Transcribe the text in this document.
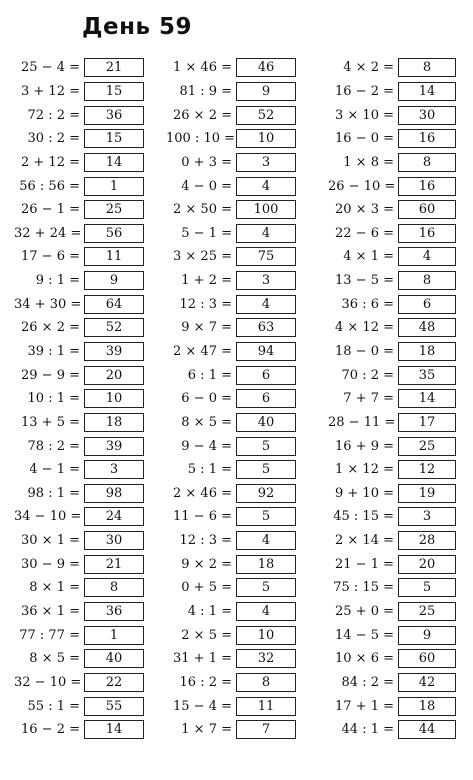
День 59
25 − 4 =	21
3 + 12 =	15
72 : 2 =	36
30 : 2 =	15
2 + 12 =	14
56 : 56 =	1
26 − 1 =	25
32 + 24 =	56
17 − 6 =	11
9 : 1 =	9
34 + 30 =	64
26 × 2 =	52
39 : 1 =	39
29 − 9 =	20
10 : 1 =	10
13 + 5 =	18
78 : 2 =	39
4 − 1 =	3
98 : 1 =	98
34 − 10 =	24
30 × 1 =	30
30 − 9 =	21
8 × 1 =	8
36 × 1 =	36
77 : 77 =	1
8 × 5 =	40
32 − 10 =	22
55 : 1 =	55
16 − 2 =	14
1 × 46 =	46
81 : 9 =	9
26 × 2 =	52
100 : 10 =	10
0 + 3 =	3
4 − 0 =	4
2 × 50 =	100
5 − 1 =	4
3 × 25 =	75
1 + 2 =	3
12 : 3 =	4
9 × 7 =	63
2 × 47 =	94
6 : 1 =	6
6 − 0 =	6
8 × 5 =	40
9 − 4 =	5
5 : 1 =	5
2 × 46 =	92
11 − 6 =	5
12 : 3 =	4
9 × 2 =	18
0 + 5 =	5
4 : 1 =	4
2 × 5 =	10
31 + 1 =	32
16 : 2 =	8
15 − 4 =	11
1 × 7 =	7
4 × 2 =	8
16 − 2 =	14
3 × 10 =	30
16 − 0 =	16
1 × 8 =	8
26 − 10 =	16
20 × 3 =	60
22 − 6 =	16
4 × 1 =	4
13 − 5 =	8
36 : 6 =	6
4 × 12 =	48
18 − 0 =	18
70 : 2 =	35
7 + 7 =	14
28 − 11 =	17
16 + 9 =	25
1 × 12 =	12
9 + 10 =	19
45 : 15 =	3
2 × 14 =	28
21 − 1 =	20
75 : 15 =	5
25 + 0 =	25
14 − 5 =	9
10 × 6 =	60
84 : 2 =	42
17 + 1 =	18
44 : 1 =	44
